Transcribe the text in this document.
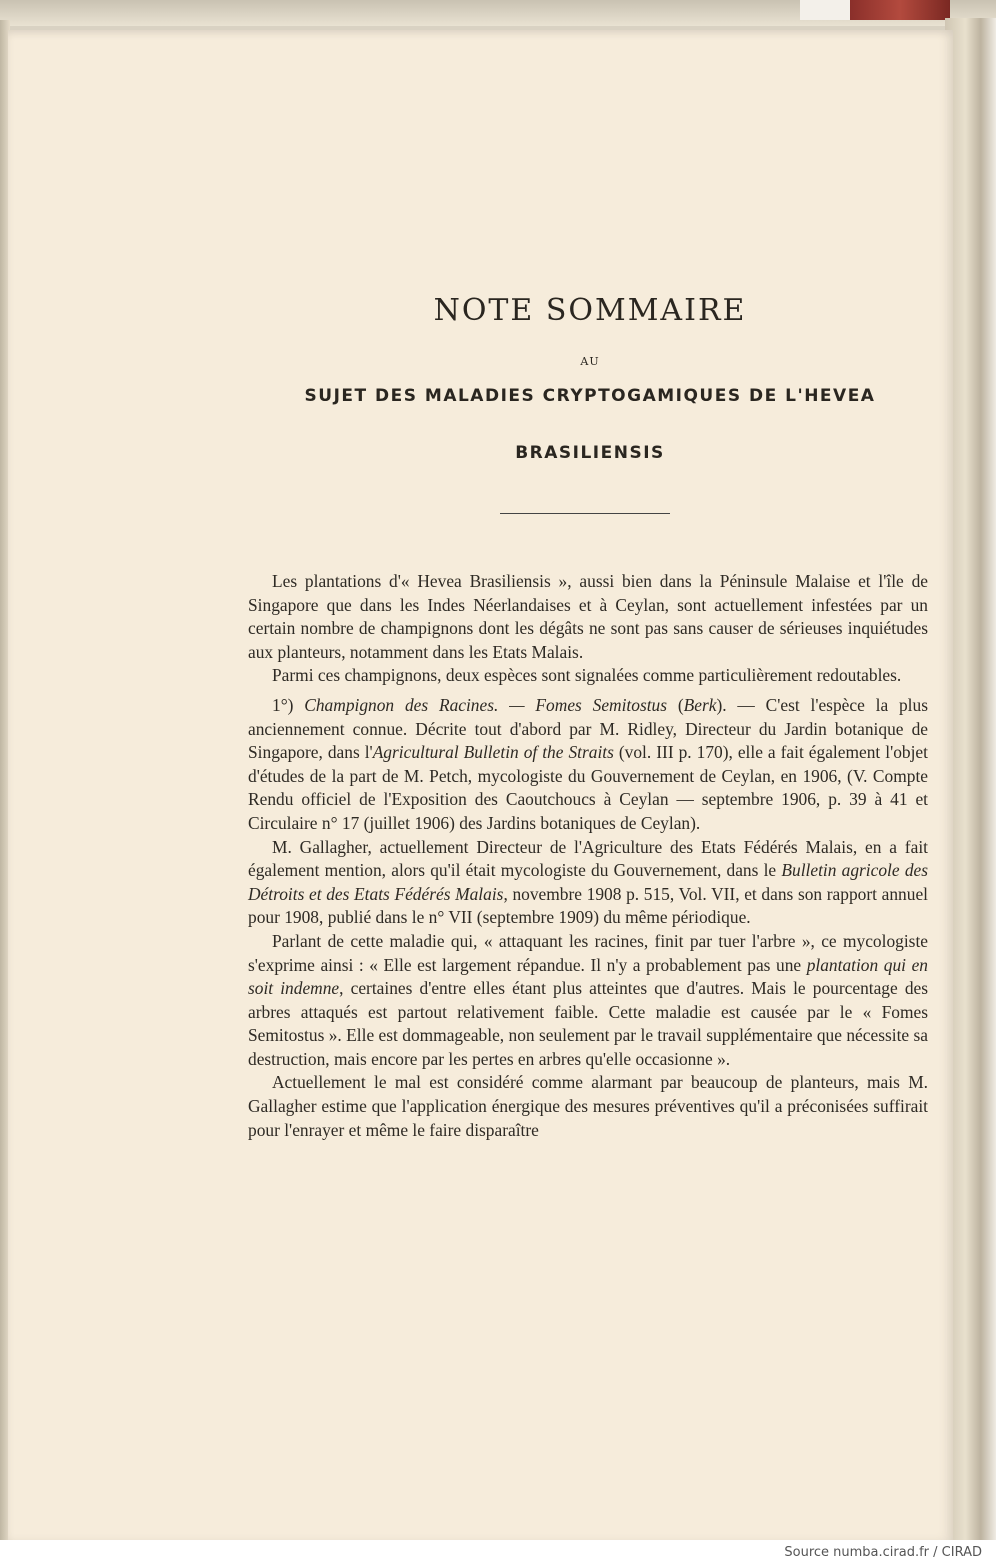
NOTE SOMMAIRE
AU
SUJET DES MALADIES CRYPTOGAMIQUES DE L'HEVEA
BRASILIENSIS

Les plantations d'« Hevea Brasiliensis », aussi bien dans la Péninsule Malaise et l'île de Singapore que dans les Indes Néerlandaises et à Ceylan, sont actuellement infestées par un certain nombre de champignons dont les dégâts ne sont pas sans causer de sérieuses inquiétudes aux planteurs, notamment dans les Etats Malais.

Parmi ces champignons, deux espèces sont signalées comme particulièrement redoutables.

1°) Champignon des Racines. — Fomes Semitostus (Berk). — C'est l'espèce la plus anciennement connue. Décrite tout d'abord par M. Ridley, Directeur du Jardin botanique de Singapore, dans l'Agricultural Bulletin of the Straits (vol. III p. 170), elle a fait également l'objet d'études de la part de M. Petch, mycologiste du Gouvernement de Ceylan, en 1906, (V. Compte Rendu officiel de l'Exposition des Caoutchoucs à Ceylan — septembre 1906, p. 39 à 41 et Circulaire n° 17 (juillet 1906) des Jardins botaniques de Ceylan).

M. Gallagher, actuellement Directeur de l'Agriculture des Etats Fédérés Malais, en a fait également mention, alors qu'il était mycologiste du Gouvernement, dans le Bulletin agricole des Détroits et des Etats Fédérés Malais, novembre 1908 p. 515, Vol. VII, et dans son rapport annuel pour 1908, publié dans le n° VII (septembre 1909) du même périodique.

Parlant de cette maladie qui, « attaquant les racines, finit par tuer l'arbre », ce mycologiste s'exprime ainsi : « Elle est largement répandue. Il n'y a probablement pas une plantation qui en soit indemne, certaines d'entre elles étant plus atteintes que d'autres. Mais le pourcentage des arbres attaqués est partout relativement faible. Cette maladie est causée par le « Fomes Semitostus ». Elle est dommageable, non seulement par le travail supplémentaire que nécessite sa destruction, mais encore par les pertes en arbres qu'elle occasionne ».

Actuellement le mal est considéré comme alarmant par beaucoup de planteurs, mais M. Gallagher estime que l'application énergique des mesures préventives qu'il a préconisées suffirait pour l'enrayer et même le faire disparaître

Source numba.cirad.fr / CIRAD
